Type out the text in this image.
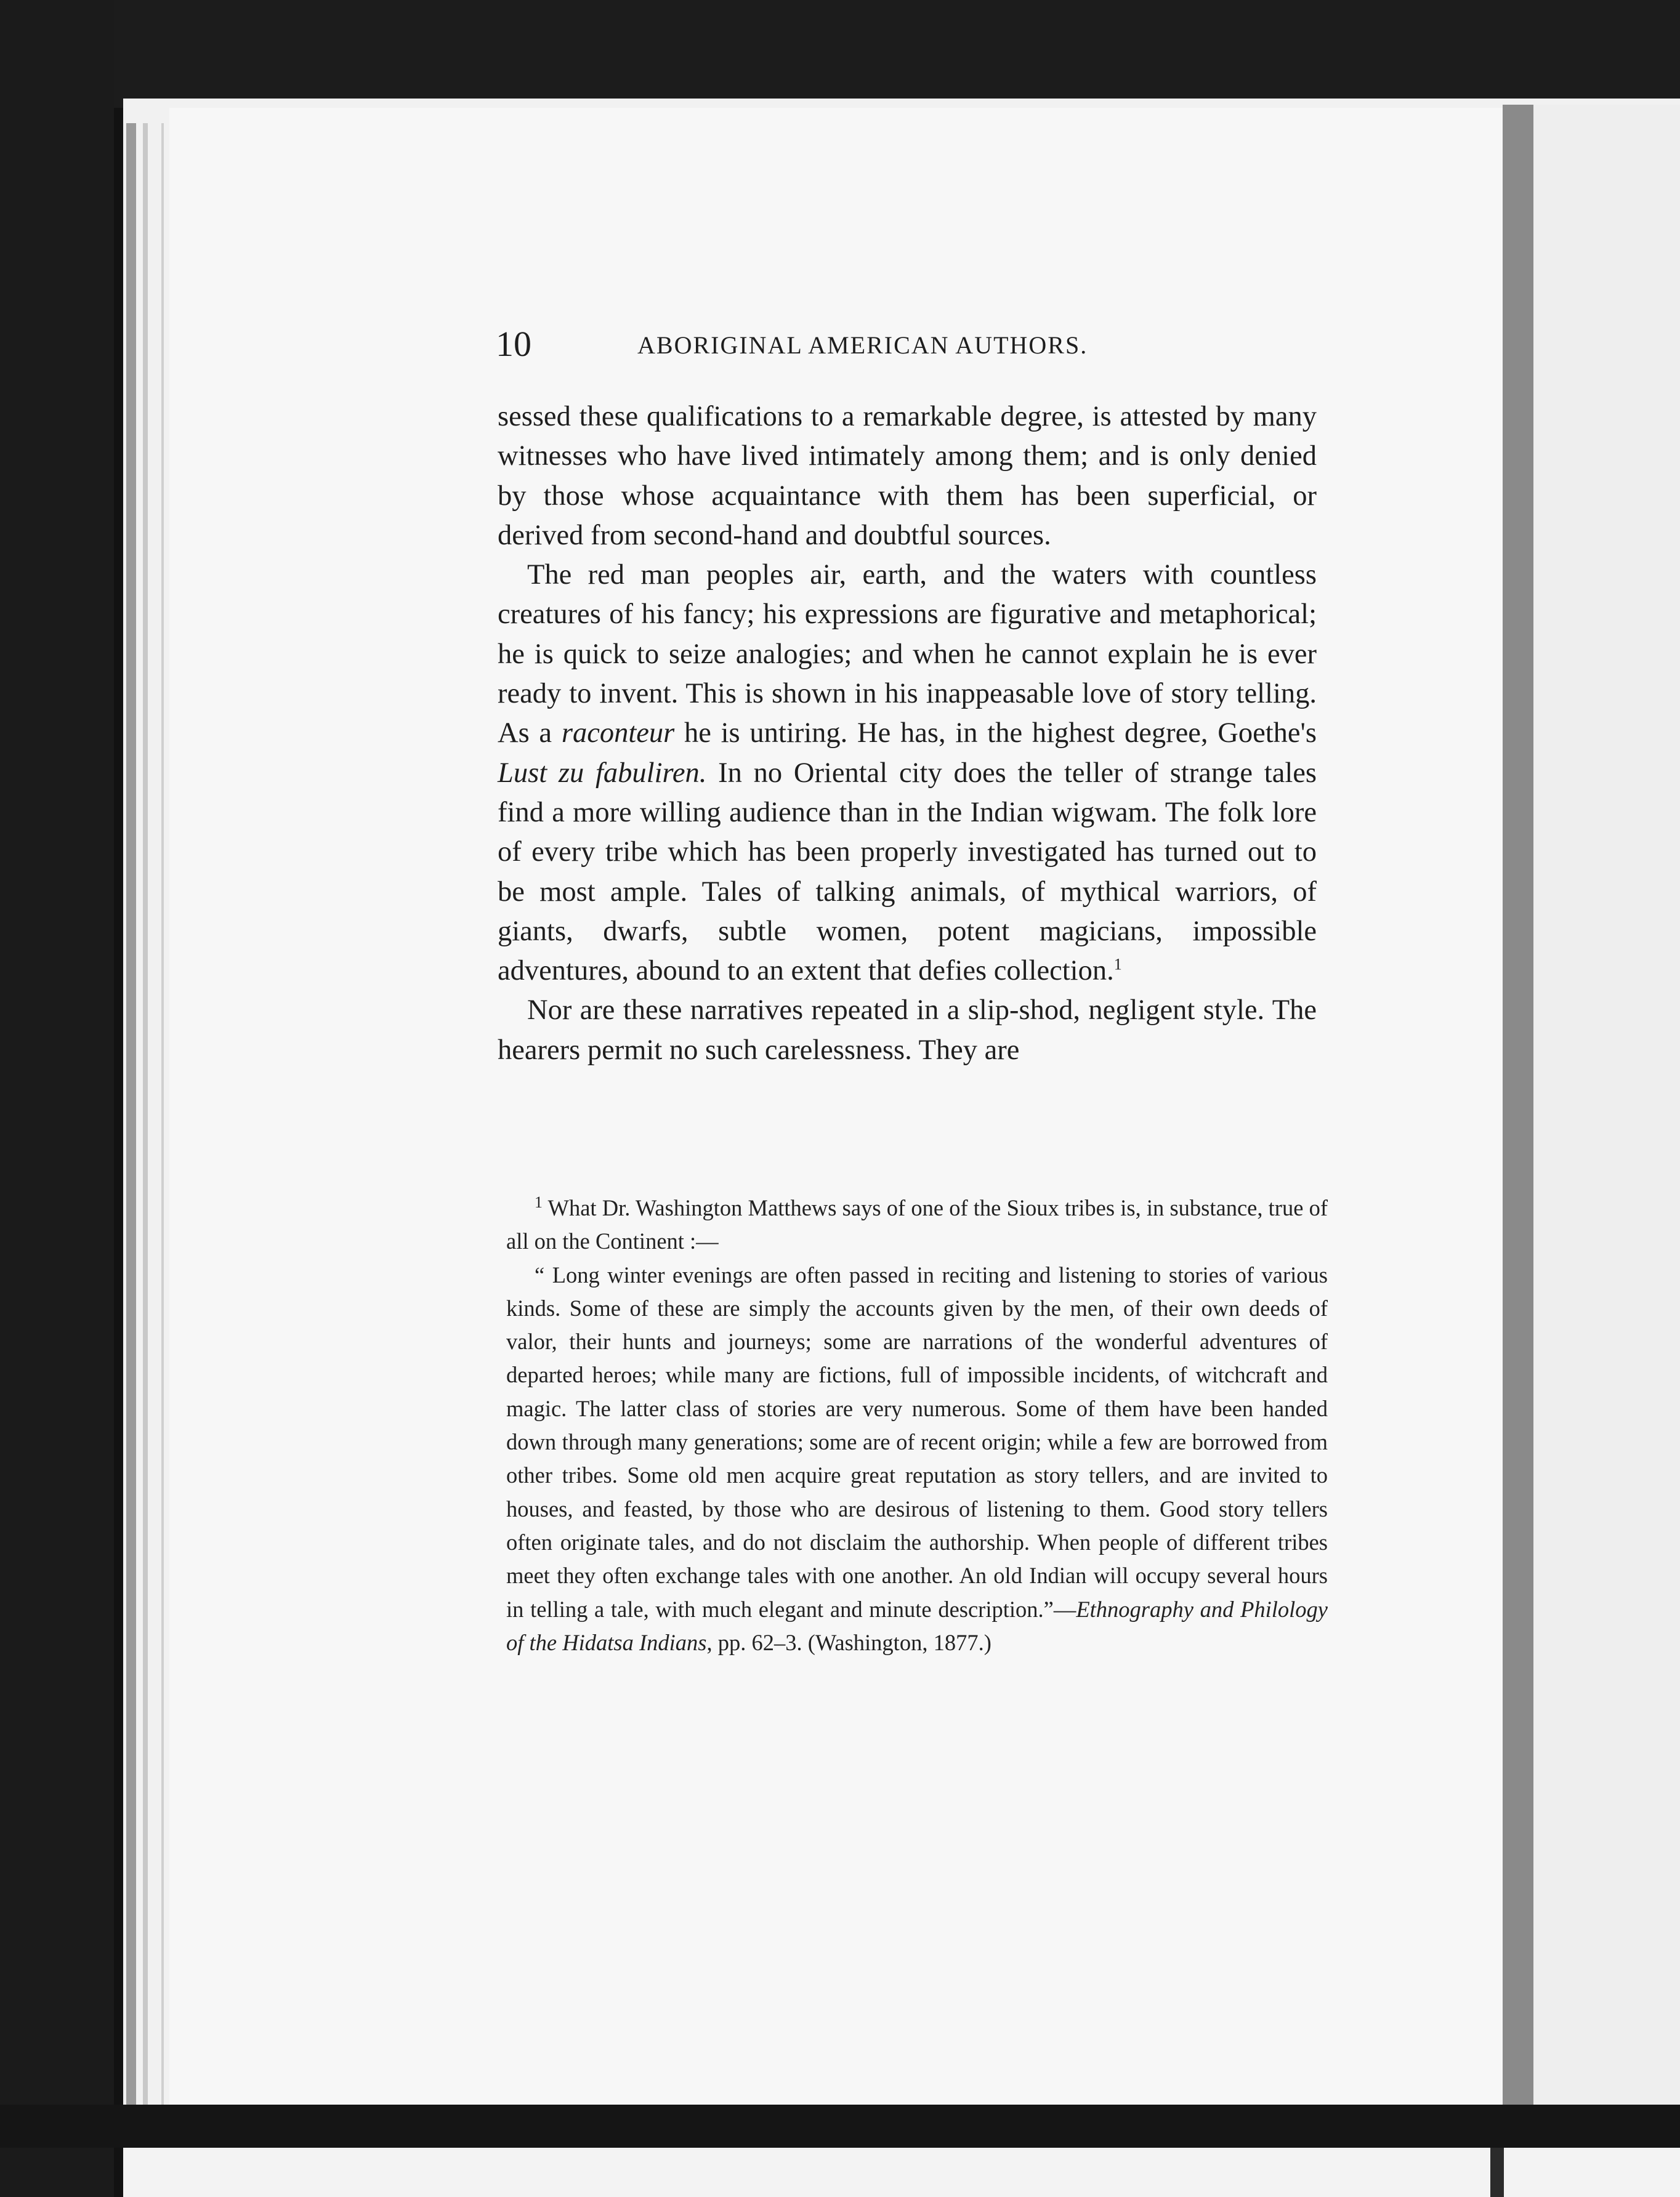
10	ABORIGINAL AMERICAN AUTHORS.

sessed these qualifications to a remarkable degree, is attested by many witnesses who have lived intimately among them; and is only denied by those whose acquaintance with them has been superficial, or derived from second-hand and doubtful sources.

The red man peoples air, earth, and the waters with countless creatures of his fancy; his expressions are figurative and metaphorical; he is quick to seize analogies; and when he cannot explain he is ever ready to invent. This is shown in his inappeasable love of story telling. As a raconteur he is untiring. He has, in the highest degree, Goethe's Lust zu fabuliren. In no Oriental city does the teller of strange tales find a more willing audience than in the Indian wigwam. The folk lore of every tribe which has been properly investigated has turned out to be most ample. Tales of talking animals, of mythical warriors, of giants, dwarfs, subtle women, potent magicians, impossible adventures, abound to an extent that defies collection.$^1$

Nor are these narratives repeated in a slip-shod, negligent style. The hearers permit no such carelessness. They are

$^1$ What Dr. Washington Matthews says of one of the Sioux tribes is, in substance, true of all on the Continent :—

“ Long winter evenings are often passed in reciting and listening to stories of various kinds. Some of these are simply the accounts given by the men, of their own deeds of valor, their hunts and journeys; some are narrations of the wonderful adventures of departed heroes; while many are fictions, full of impossible incidents, of witchcraft and magic. The latter class of stories are very numerous. Some of them have been handed down through many generations; some are of recent origin; while a few are borrowed from other tribes. Some old men acquire great reputation as story tellers, and are invited to houses, and feasted, by those who are desirous of listening to them. Good story tellers often originate tales, and do not disclaim the authorship. When people of different tribes meet they often exchange tales with one another. An old Indian will occupy several hours in telling a tale, with much elegant and minute description.”—Ethnography and Philology of the Hidatsa Indians, pp. 62–3. (Washington, 1877.)
